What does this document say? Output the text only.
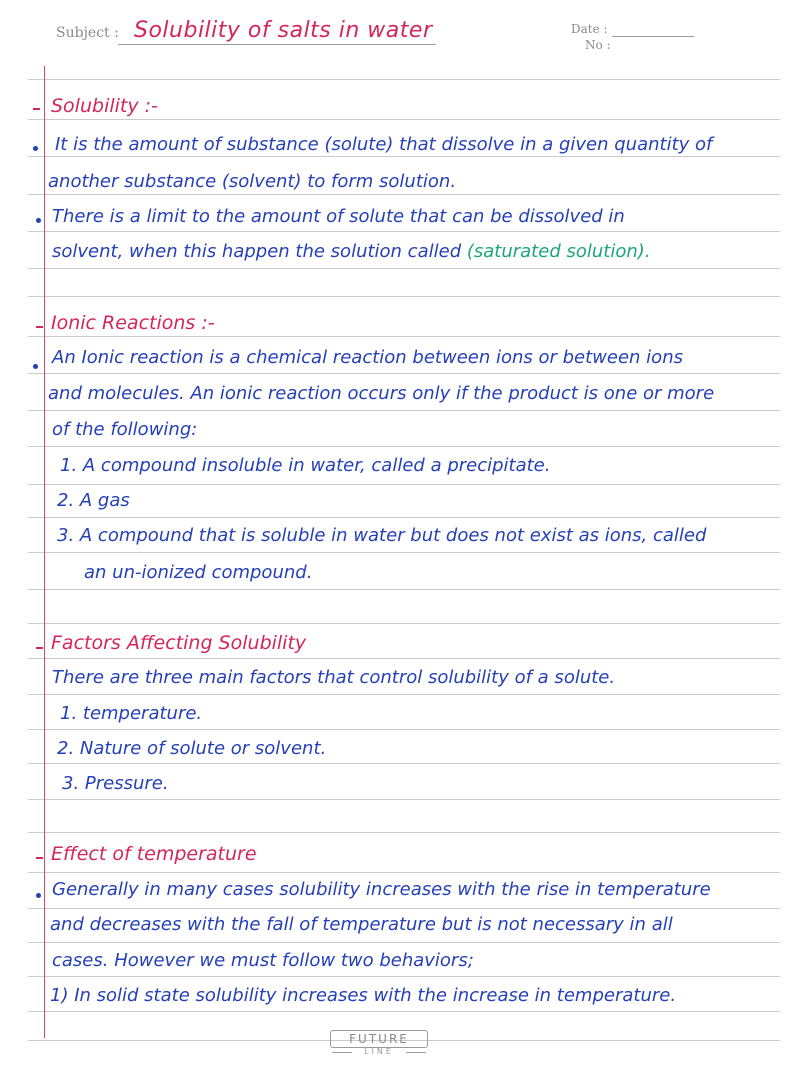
Subject : Solubility of salts in water	Date :
No :
Solubility :-
It is the amount of substance (solute) that dissolve in a given quantity of
another substance (solvent) to form solution.
There is a limit to the amount of solute that can be dissolved in
solvent, when this happen the solution called (saturated solution).
Ionic Reactions :-
An Ionic reaction is a chemical reaction between ions or between ions
and molecules. An ionic reaction occurs only if the product is one or more
of the following:
1. A compound insoluble in water, called a precipitate.
2. A gas
3. A compound that is soluble in water but does not exist as ions, called
an un-ionized compound.
Factors Affecting Solubility
There are three main factors that control solubility of a solute.
1. temperature.
2. Nature of solute or solvent.
3. Pressure.
Effect of temperature
Generally in many cases solubility increases with the rise in temperature
and decreases with the fall of temperature but is not necessary in all
cases. However we must follow two behaviors;
1) In solid state solubility increases with the increase in temperature.
FUTURE
LINE
